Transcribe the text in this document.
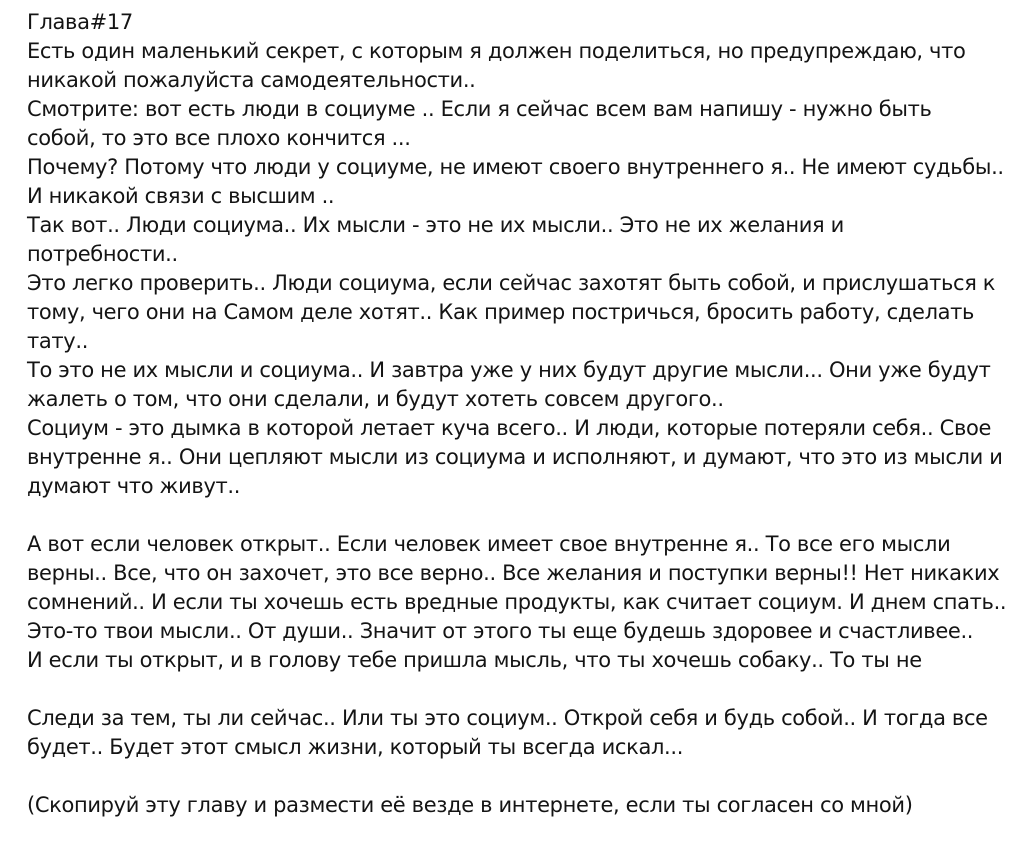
Глава#17
Есть один маленький секрет, с которым я должен поделиться, но предупреждаю, что
никакой пожалуйста самодеятельности..
Смотрите: вот есть люди в социуме .. Если я сейчас всем вам напишу - нужно быть
собой, то это все плохо кончится ...
Почему? Потому что люди у социуме, не имеют своего внутреннего я.. Не имеют судьбы..
И никакой связи с высшим ..
Так вот.. Люди социума.. Их мысли - это не их мысли.. Это не их желания и
потребности..
Это легко проверить.. Люди социума, если сейчас захотят быть собой, и прислушаться к
тому, чего они на Самом деле хотят.. Как пример постричься, бросить работу, сделать
тату..
То это не их мысли и социума.. И завтра уже у них будут другие мысли... Они уже будут
жалеть о том, что они сделали, и будут хотеть совсем другого..
Социум - это дымка в которой летает куча всего.. И люди, которые потеряли себя.. Свое
внутренне я.. Они цепляют мысли из социума и исполняют, и думают, что это из мысли и
думают что живут..

А вот если человек открыт.. Если человек имеет свое внутренне я.. То все его мысли
верны.. Все, что он захочет, это все верно.. Все желания и поступки верны!! Нет никаких
сомнений.. И если ты хочешь есть вредные продукты, как считает социум. И днем спать..
Это-то твои мысли.. От души.. Значит от этого ты еще будешь здоровее и счастливее..
И если ты открыт, и в голову тебе пришла мысль, что ты хочешь собаку.. То ты не

Следи за тем, ты ли сейчас.. Или ты это социум.. Открой себя и будь собой.. И тогда все
будет.. Будет этот смысл жизни, который ты всегда искал...

(Скопируй эту главу и размести её везде в интернете, если ты согласен со мной)
